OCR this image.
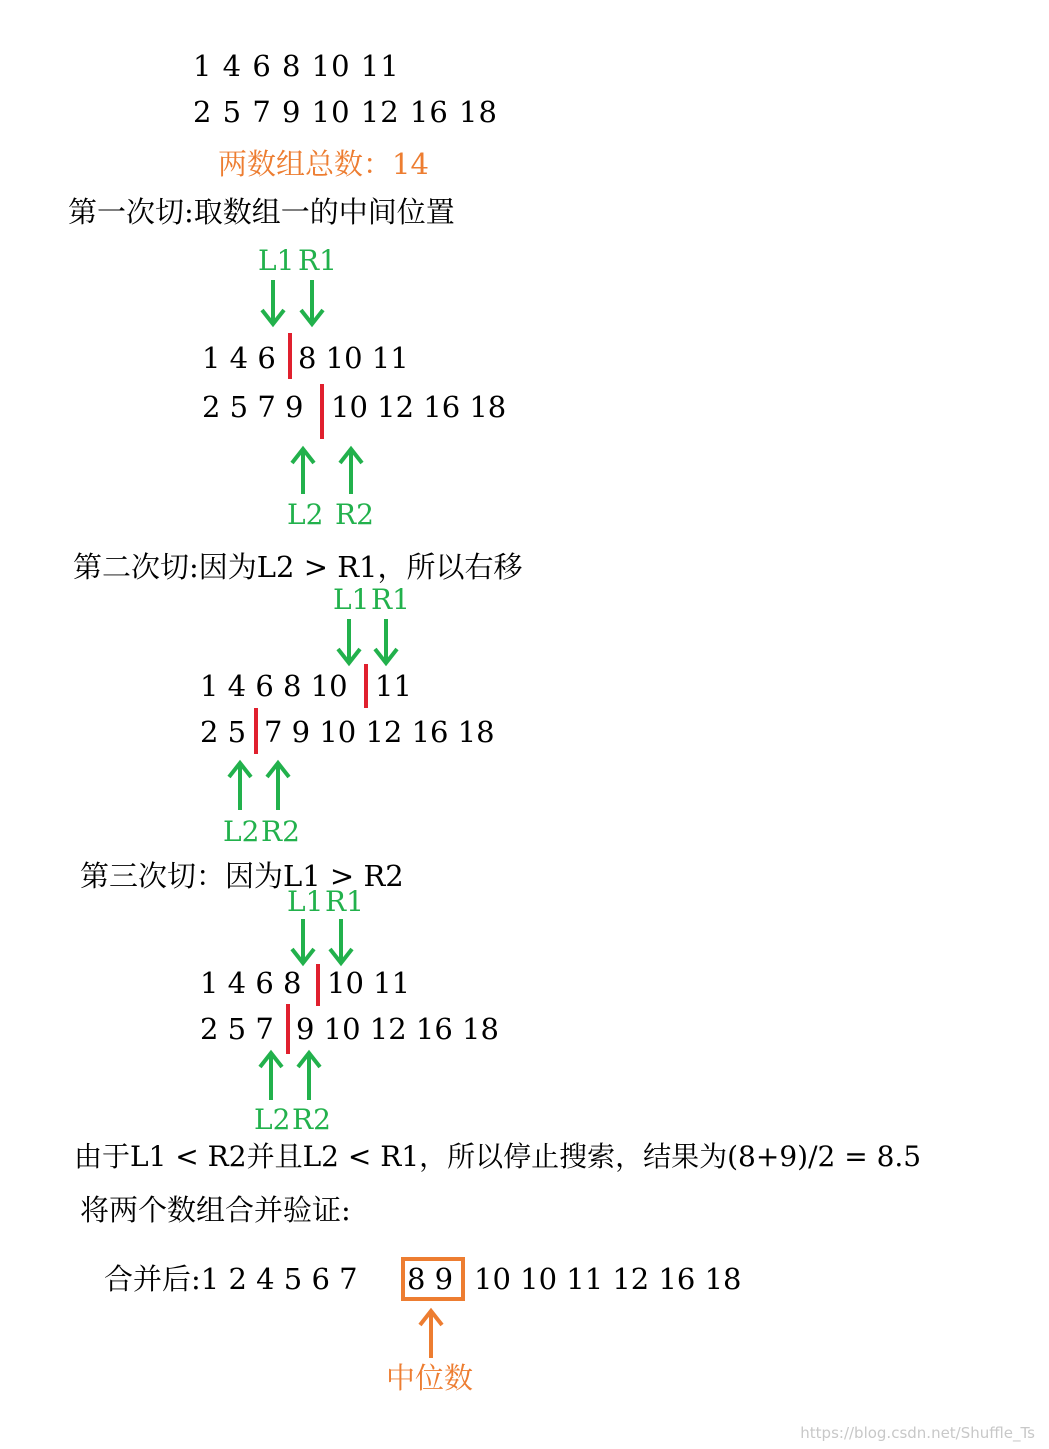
1 4 6 8 10 11
2 5 7 9 10 12 16 18
两数组总数：14
第一次切:取数组一的中间位置
L1 R1
1 4 6 8 10 11
2 5 7 9 10 12 16 18
L2 R2
第二次切:因为L2 > R1，所以右移
L1 R1
1 4 6 8 10 11
2 5 7 9 10 12 16 18
L2 R2
第三次切：因为L1 > R2
L1 R1
1 4 6 8 10 11
2 5 7 9 10 12 16 18
L2 R2
由于L1 < R2并且L2 < R1，所以停止搜索，结果为(8+9)/2 = 8.5
将两个数组合并验证:
合并后:1 2 4 5 6 7 8 9 10 10 11 12 16 18
中位数
https://blog.csdn.net/Shuffle_Ts
